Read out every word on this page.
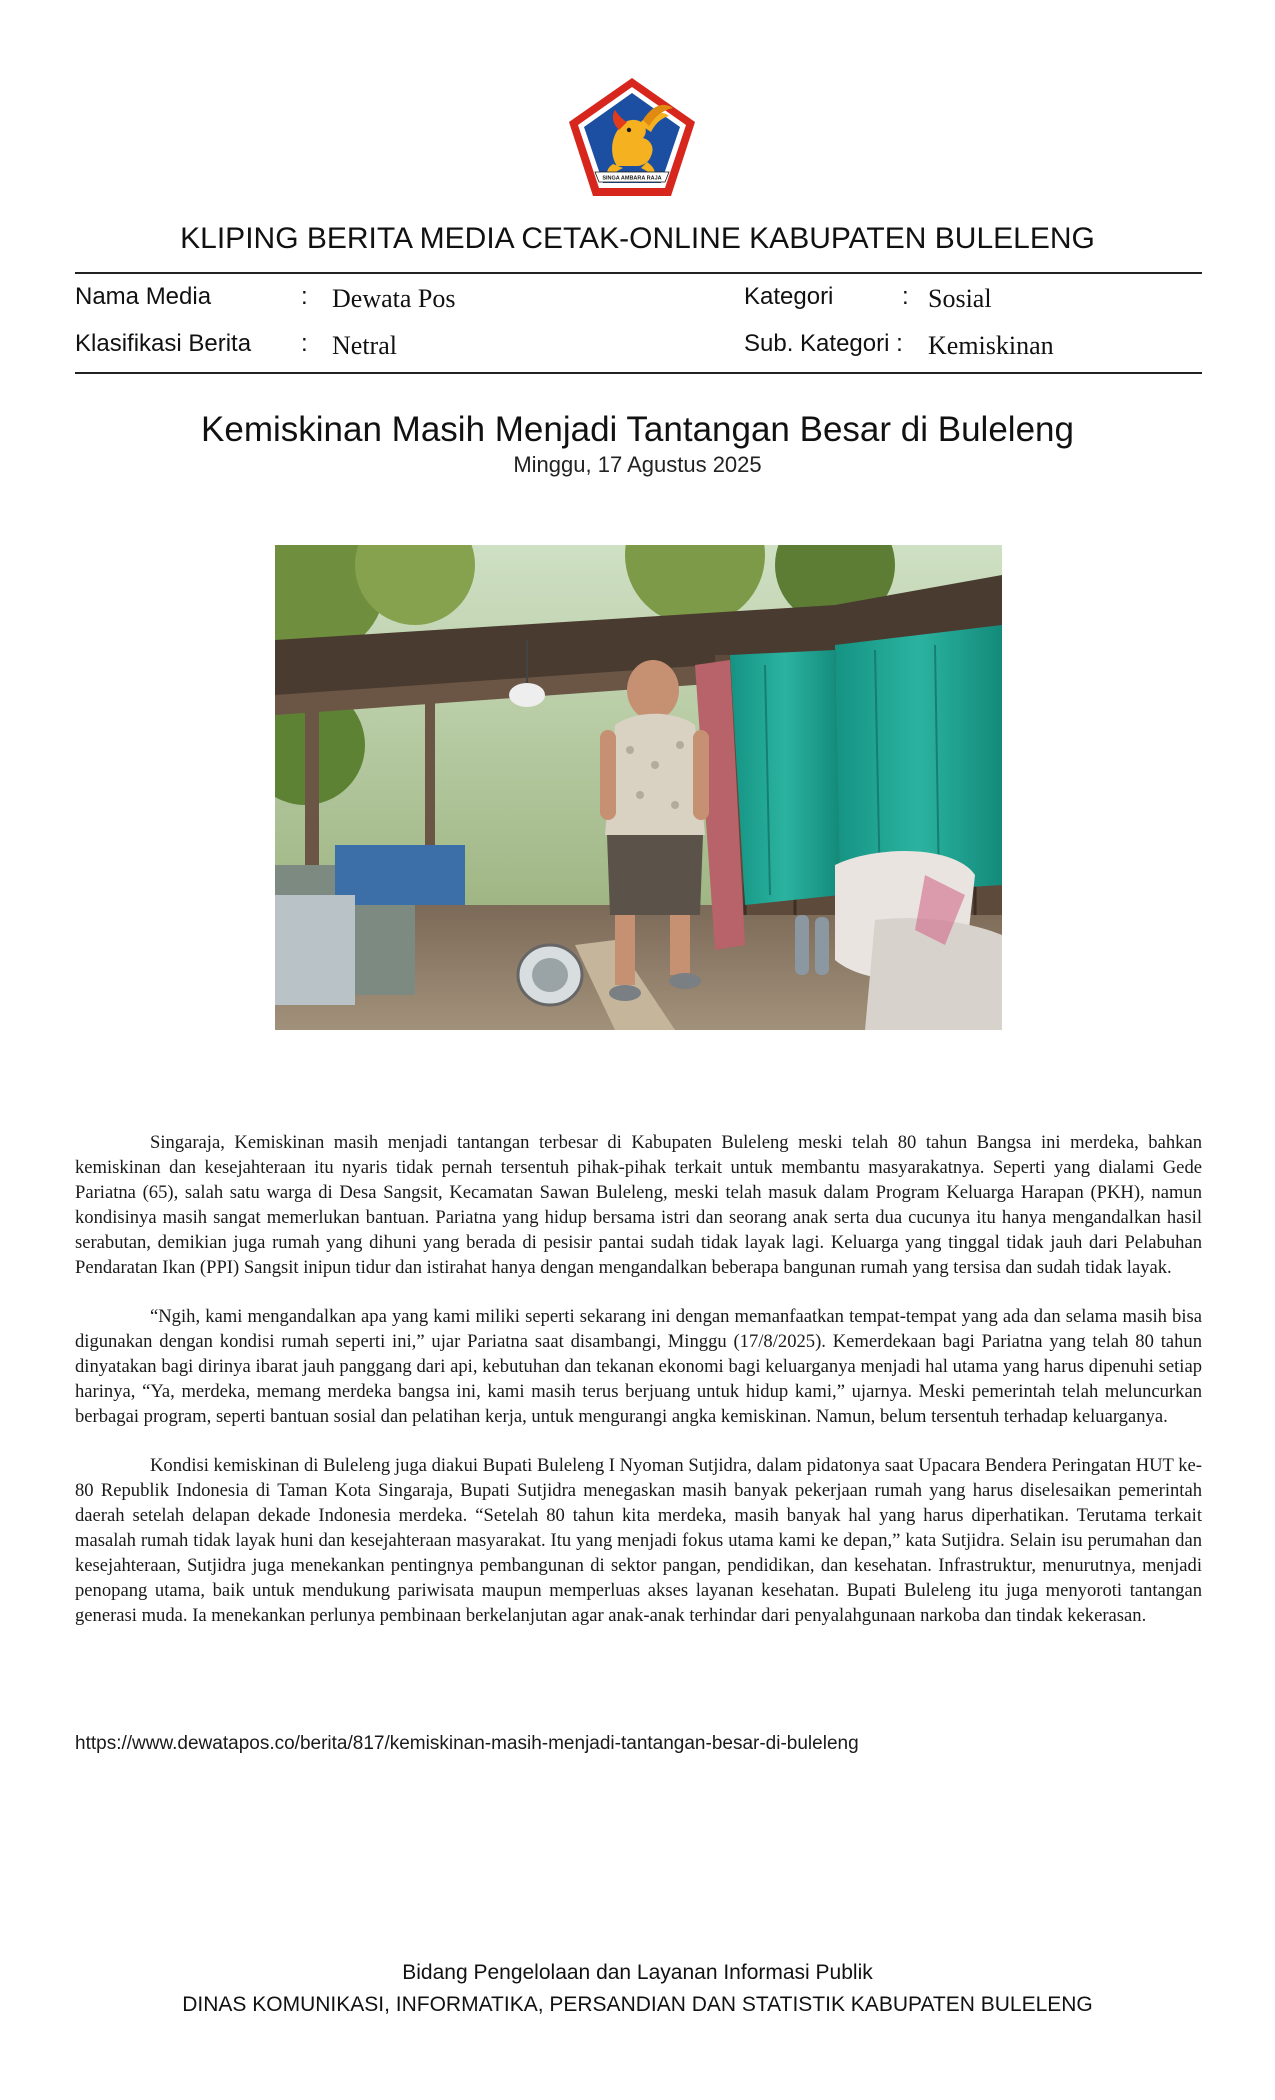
SINGA AMBARA RAJA
KLIPING BERITA MEDIA CETAK-ONLINE KABUPATEN BULELENG
Nama Media	: Dewata Pos
Klasifikasi Berita : Netral
Kategori	: Sosial
Sub. Kategori : Kemiskinan
Kemiskinan Masih Menjadi Tantangan Besar di Buleleng
Minggu, 17 Agustus 2025

Singaraja, Kemiskinan masih menjadi tantangan terbesar di Kabupaten Buleleng meski telah 80 tahun Bangsa ini merdeka, bahkan kemiskinan dan kesejahteraan itu nyaris tidak pernah tersentuh pihak-pihak terkait untuk membantu masyarakatnya. Seperti yang dialami Gede Pariatna (65), salah satu warga di Desa Sangsit, Kecamatan Sawan Buleleng, meski telah masuk dalam Program Keluarga Harapan (PKH), namun kondisinya masih sangat memerlukan bantuan. Pariatna yang hidup bersama istri dan seorang anak serta dua cucunya itu hanya mengandalkan hasil serabutan, demikian juga rumah yang dihuni yang berada di pesisir pantai sudah tidak layak lagi. Keluarga yang tinggal tidak jauh dari Pelabuhan Pendaratan Ikan (PPI) Sangsit inipun tidur dan istirahat hanya dengan mengandalkan beberapa bangunan rumah yang tersisa dan sudah tidak layak.

“Ngih, kami mengandalkan apa yang kami miliki seperti sekarang ini dengan memanfaatkan tempat-tempat yang ada dan selama masih bisa digunakan dengan kondisi rumah seperti ini,” ujar Pariatna saat disambangi, Minggu (17/8/2025). Kemerdekaan bagi Pariatna yang telah 80 tahun dinyatakan bagi dirinya ibarat jauh panggang dari api, kebutuhan dan tekanan ekonomi bagi keluarganya menjadi hal utama yang harus dipenuhi setiap harinya, “Ya, merdeka, memang merdeka bangsa ini, kami masih terus berjuang untuk hidup kami,” ujarnya. Meski pemerintah telah meluncurkan berbagai program, seperti bantuan sosial dan pelatihan kerja, untuk mengurangi angka kemiskinan. Namun, belum tersentuh terhadap keluarganya.

Kondisi kemiskinan di Buleleng juga diakui Bupati Buleleng I Nyoman Sutjidra, dalam pidatonya saat Upacara Bendera Peringatan HUT ke-80 Republik Indonesia di Taman Kota Singaraja, Bupati Sutjidra menegaskan masih banyak pekerjaan rumah yang harus diselesaikan pemerintah daerah setelah delapan dekade Indonesia merdeka. “Setelah 80 tahun kita merdeka, masih banyak hal yang harus diperhatikan. Terutama terkait masalah rumah tidak layak huni dan kesejahteraan masyarakat. Itu yang menjadi fokus utama kami ke depan,” kata Sutjidra. Selain isu perumahan dan kesejahteraan, Sutjidra juga menekankan pentingnya pembangunan di sektor pangan, pendidikan, dan kesehatan. Infrastruktur, menurutnya, menjadi penopang utama, baik untuk mendukung pariwisata maupun memperluas akses layanan kesehatan. Bupati Buleleng itu juga menyoroti tantangan generasi muda. Ia menekankan perlunya pembinaan berkelanjutan agar anak-anak terhindar dari penyalahgunaan narkoba dan tindak kekerasan.

https://www.dewatapos.co/berita/817/kemiskinan-masih-menjadi-tantangan-besar-di-buleleng
Bidang Pengelolaan dan Layanan Informasi Publik
DINAS KOMUNIKASI, INFORMATIKA, PERSANDIAN DAN STATISTIK KABUPATEN BULELENG
